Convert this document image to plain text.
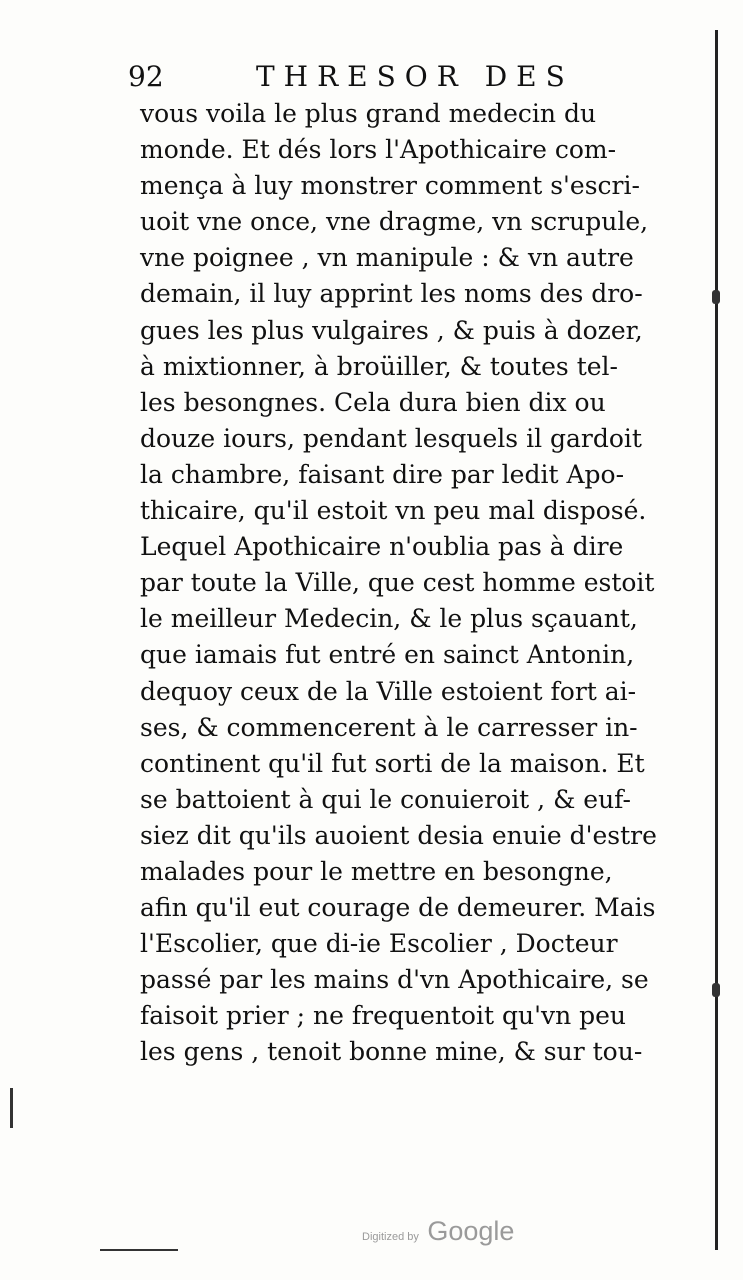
92	THRESOR DES
vous voila le plus grand medecin du
monde. Et dés lors l'Apothicaire com-
mença à luy monstrer comment s'escri-
uoit vne once, vne dragme, vn scrupule,
vne poignee , vn manipule : & vn autre
demain, il luy apprint les noms des dro-
gues les plus vulgaires , & puis à dozer,
à mixtionner, à broüiller, & toutes tel-
les besongnes. Cela dura bien dix ou
douze iours, pendant lesquels il gardoit
la chambre, faisant dire par ledit Apo-
thicaire, qu'il estoit vn peu mal disposé.
Lequel Apothicaire n'oublia pas à dire
par toute la Ville, que cest homme estoit
le meilleur Medecin, & le plus sçauant,
que iamais fut entré en sainct Antonin,
dequoy ceux de la Ville estoient fort ai-
ses, & commencerent à le carresser in-
continent qu'il fut sorti de la maison. Et
se battoient à qui le conuieroit , & euf-
siez dit qu'ils auoient desia enuie d'estre
malades pour le mettre en besongne,
afin qu'il eut courage de demeurer. Mais
l'Escolier, que di-ie Escolier , Docteur
passé par les mains d'vn Apothicaire, se
faisoit prier ; ne frequentoit qu'vn peu
les gens , tenoit bonne mine, & sur tou-
Digitized by Google
